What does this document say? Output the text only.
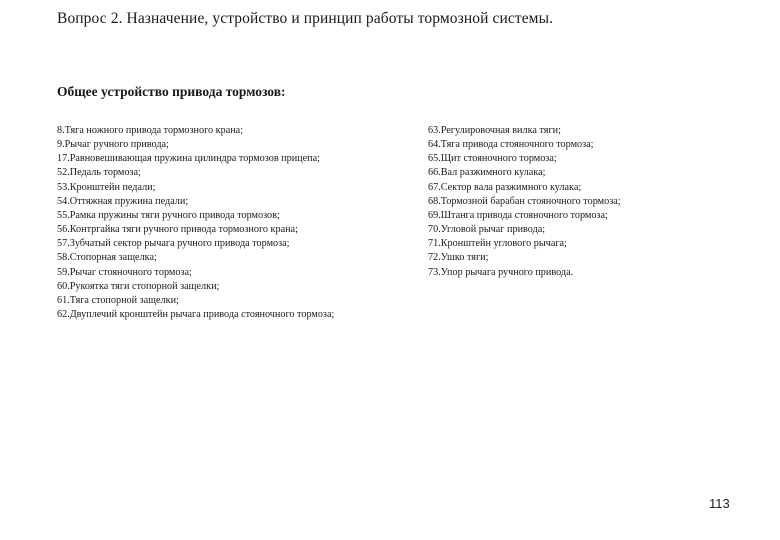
Вопрос 2. Назначение, устройство и принцип работы тормозной системы.
Общее устройство привода тормозов:
8.Тяга ножного привода тормозного крана;
9.Рычаг ручного привода;
17.Равновешивающая пружина цилиндра тормозов прицепа;
52.Педаль тормоза;
53.Кронштейн педали;
54.Оттяжная пружина педали;
55.Рамка пружины тяги ручного привода тормозов;
56.Контргайка тяги ручного привода тормозного крана;
57.Зубчатый сектор рычага ручного привода тормоза;
58.Стопорная защелка;
59.Рычаг стояночного тормоза;
60.Рукоятка тяги стопорной защелки;
61.Тяга стопорной защелки;
62.Двуплечий кронштейн рычага привода стояночного тормоза;
63.Регулировочная вилка тяги;
64.Тяга привода стояночного тормоза;
65.Щит стояночного тормоза;
66.Вал разжимного кулака;
67.Сектор вала разжимного кулака;
68.Тормозной барабан стояночного тормоза;
69.Штанга привода стояночного тормоза;
70.Угловой рычаг привода;
71.Кронштейн углового рычага;
72.Ушко тяги;
73.Упор рычага ручного привода.
113
